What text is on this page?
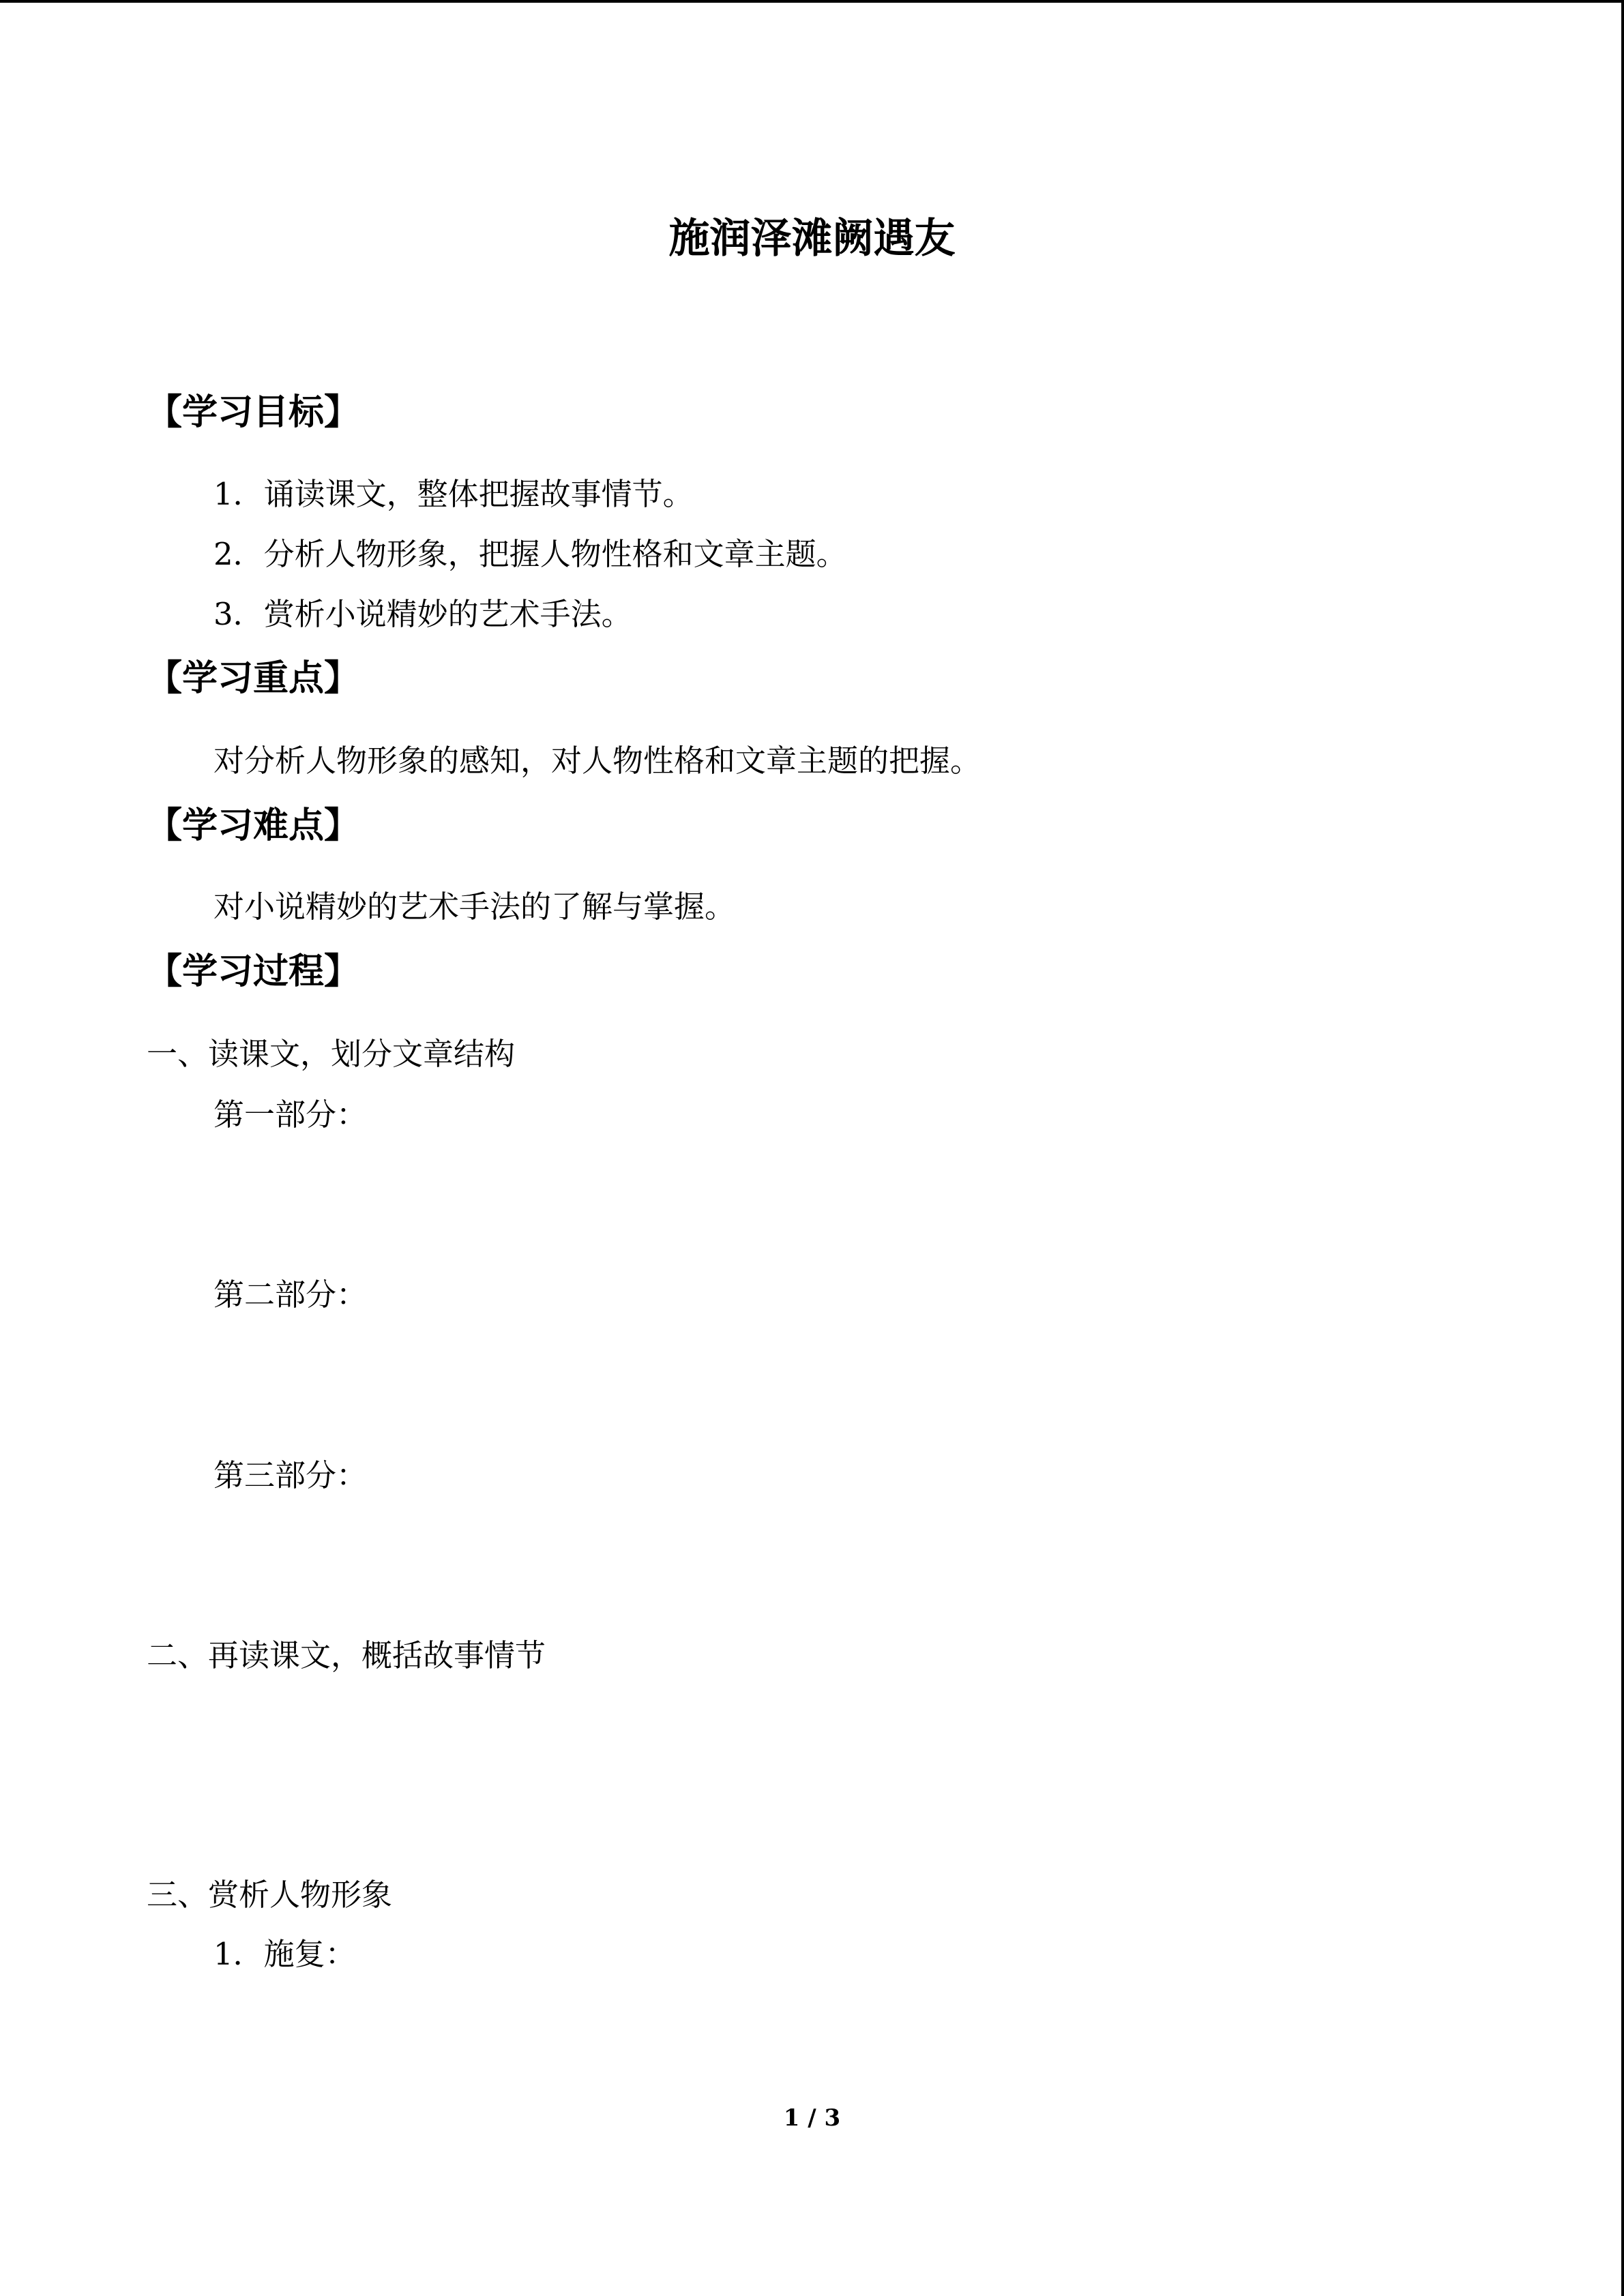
施润泽滩阙遇友
【学习目标】
1．诵读课文，整体把握故事情节。
2．分析人物形象，把握人物性格和文章主题。
3．赏析小说精妙的艺术手法。
【学习重点】
对分析人物形象的感知，对人物性格和文章主题的把握。
【学习难点】
对小说精妙的艺术手法的了解与掌握。
【学习过程】
一、读课文，划分文章结构
第一部分：
第二部分：
第三部分：
二、再读课文，概括故事情节
三、赏析人物形象
1．施复：
1 / 3
